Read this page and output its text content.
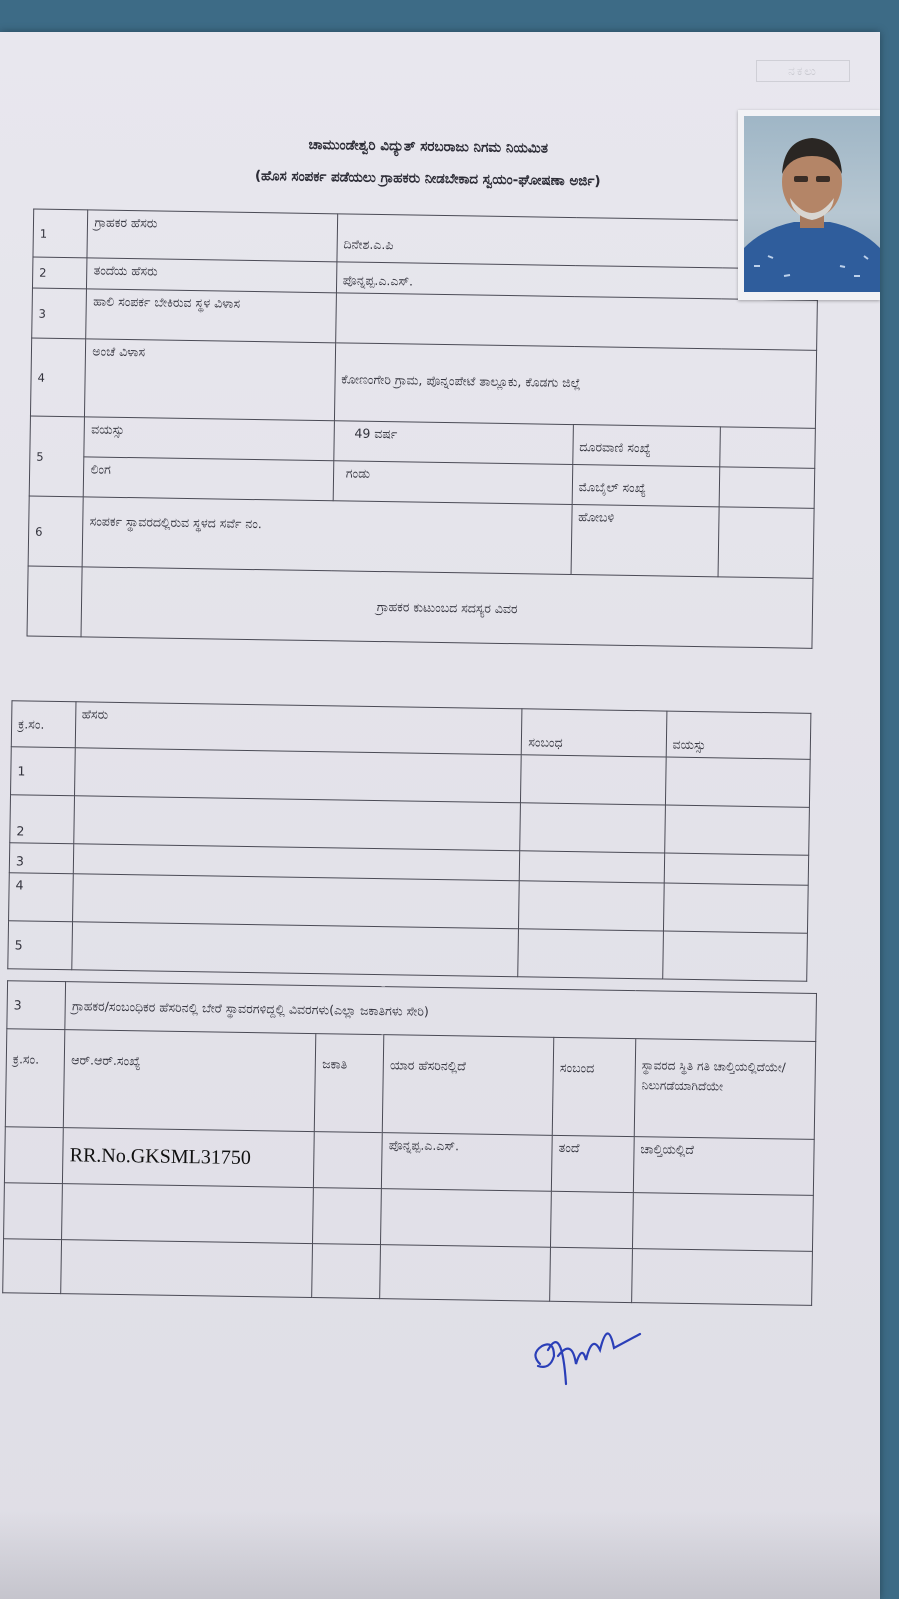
ನಕಲು
ಚಾಮುಂಡೇಶ್ವರಿ ವಿದ್ಯುತ್ ಸರಬರಾಜು ನಿಗಮ ನಿಯಮಿತ
(ಹೊಸ ಸಂಪರ್ಕ ಪಡೆಯಲು ಗ್ರಾಹಕರು ನೀಡಬೇಕಾದ ಸ್ವಯಂ-ಘೋಷಣಾ ಅರ್ಜಿ)
1	ಗ್ರಾಹಕರ ಹೆಸರು	ದಿನೇಶ.ಎ.ಪಿ		

2	ತಂದೆಯ ಹೆಸರು	ಪೊನ್ನಪ್ಪ.ಎ.ಎಸ್.		

3	ಹಾಲಿ ಸಂಪರ್ಕ ಬೇಕಿರುವ ಸ್ಥಳ ವಿಳಾಸ			
4	ಅಂಚೆ ವಿಳಾಸ	ಕೋಣಂಗೇರಿ ಗ್ರಾಮ, ಪೊನ್ನಂಪೇಟೆ ತಾಲ್ಲೂಕು, ಕೊಡಗು ಜಿಲ್ಲೆ		

5	ವಯಸ್ಸು	49 ವರ್ಷ	ದೂರವಾಣಿ ಸಂಖ್ಯೆ	

	ಲಿಂಗ	ಗಂಡು	ಮೊಬೈಲ್ ಸಂಖ್ಯೆ	

6	ಸಂಪರ್ಕ ಸ್ಥಾವರದಲ್ಲಿರುವ ಸ್ಥಳದ ಸರ್ವೆ ನಂ.		ಹೋಬಳಿ	
	ಗ್ರಾಹಕರ ಕುಟುಂಬದ ಸದಸ್ಯರ ವಿವರ			
ಕ್ರ.ಸಂ.	ಹೆಸರು	ಸಂಬಂಧ	ವಯಸ್ಸು
1			
2			
3			
4			
5			
3	ಗ್ರಾಹಕರ/ಸಂಬಂಧಿಕರ ಹೆಸರಿನಲ್ಲಿ ಬೇರೆ ಸ್ಥಾವರಗಳಿದ್ದಲ್ಲಿ ವಿವರಗಳು(ಎಲ್ಲಾ ಜಕಾತಿಗಳು ಸೇರಿ)				

ಕ್ರ.ಸಂ.	ಆರ್.ಆರ್.ಸಂಖ್ಯೆ	ಜಕಾತಿ	ಯಾರ ಹೆಸರಿನಲ್ಲಿದೆ	ಸಂಬಂದ	ಸ್ಥಾವರದ ಸ್ಥಿತಿ ಗತಿ ಚಾಲ್ತಿಯಲ್ಲಿದೆಯೇ/ ನಿಲುಗಡೆಯಾಗಿದೆಯೇ

	RR.No.GKSML31750		ಪೊನ್ನಪ್ಪ.ಎ.ಎಸ್.	ತಂದೆ	ಚಾಲ್ತಿಯಲ್ಲಿದೆ
